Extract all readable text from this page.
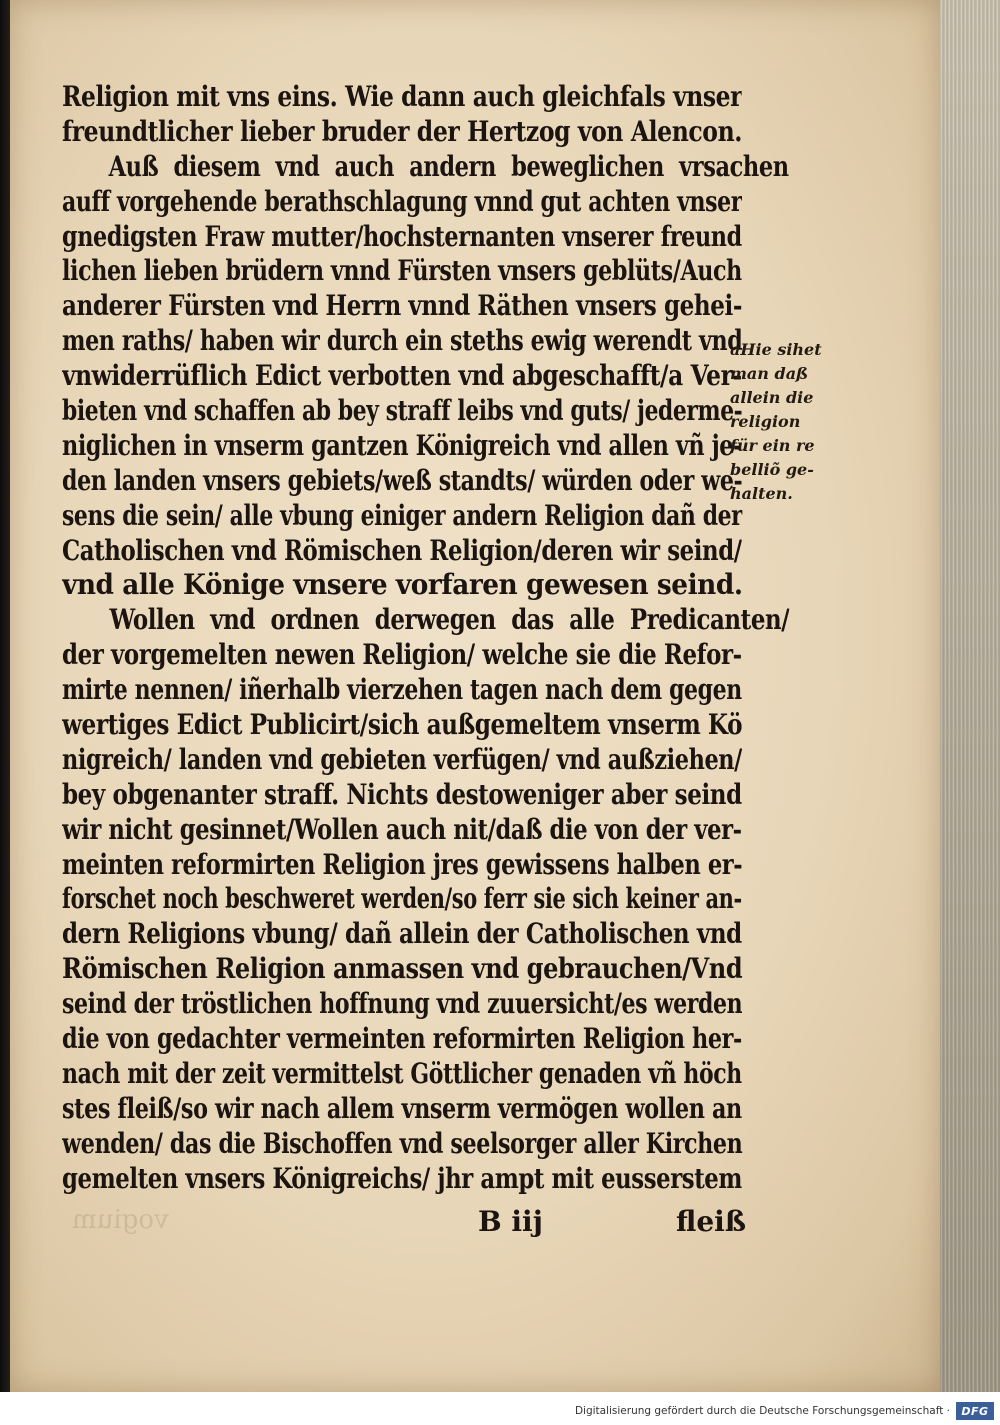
vogium
Religion mit vns eins. Wie dann auch gleichfals vnser
freundtlicher lieber bruder der Hertzog von Alencon.
Auß diesem vnd auch andern beweglichen vrsachen
auff vorgehende berathschlagung vnnd gut achten vnser
gnedigsten Fraw mutter/hochsternanten vnserer freund
lichen lieben brüdern vnnd Fürsten vnsers geblüts/Auch
anderer Fürsten vnd Herrn vnnd Räthen vnsers gehei-
men raths/ haben wir durch ein steths ewig werendt vnd
vnwiderrüflich Edict verbotten vnd abgeschafft/a Ver-
bieten vnd schaffen ab bey straff leibs vnd guts/ jederme-
niglichen in vnserm gantzen Königreich vnd allen vñ je-
den landen vnsers gebiets/weß standts/ würden oder we-
sens die sein/ alle vbung einiger andern Religion dañ der
Catholischen vnd Römischen Religion/deren wir seind/
vnd alle Könige vnsere vorfaren gewesen seind.
Wollen vnd ordnen derwegen das alle Predicanten/
der vorgemelten newen Religion/ welche sie die Refor-
mirte nennen/ iñerhalb vierzehen tagen nach dem gegen
wertiges Edict Publicirt/sich außgemeltem vnserm Kö
nigreich/ landen vnd gebieten verfügen/ vnd außziehen/
bey obgenanter straff. Nichts destoweniger aber seind
wir nicht gesinnet/Wollen auch nit/daß die von der ver-
meinten reformirten Religion jres gewissens halben er-
forschet noch beschweret werden/so ferr sie sich keiner an-
dern Religions vbung/ dañ allein der Catholischen vnd
Römischen Religion anmassen vnd gebrauchen/Vnd
seind der tröstlichen hoffnung vnd zuuersicht/es werden
die von gedachter vermeinten reformirten Religion her-
nach mit der zeit vermittelst Göttlicher genaden vñ höch
stes fleiß/so wir nach allem vnserm vermögen wollen an
wenden/ das die Bischoffen vnd seelsorger aller Kirchen
gemelten vnsers Königreichs/ jhr ampt mit eusserstem
aHie sihet
man daß
allein die
religion
für ein re
belliõ ge-
halten.
B iij	fleiß
Digitalisierung gefördert durch die Deutsche Forschungsgemeinschaft ·	DFG
